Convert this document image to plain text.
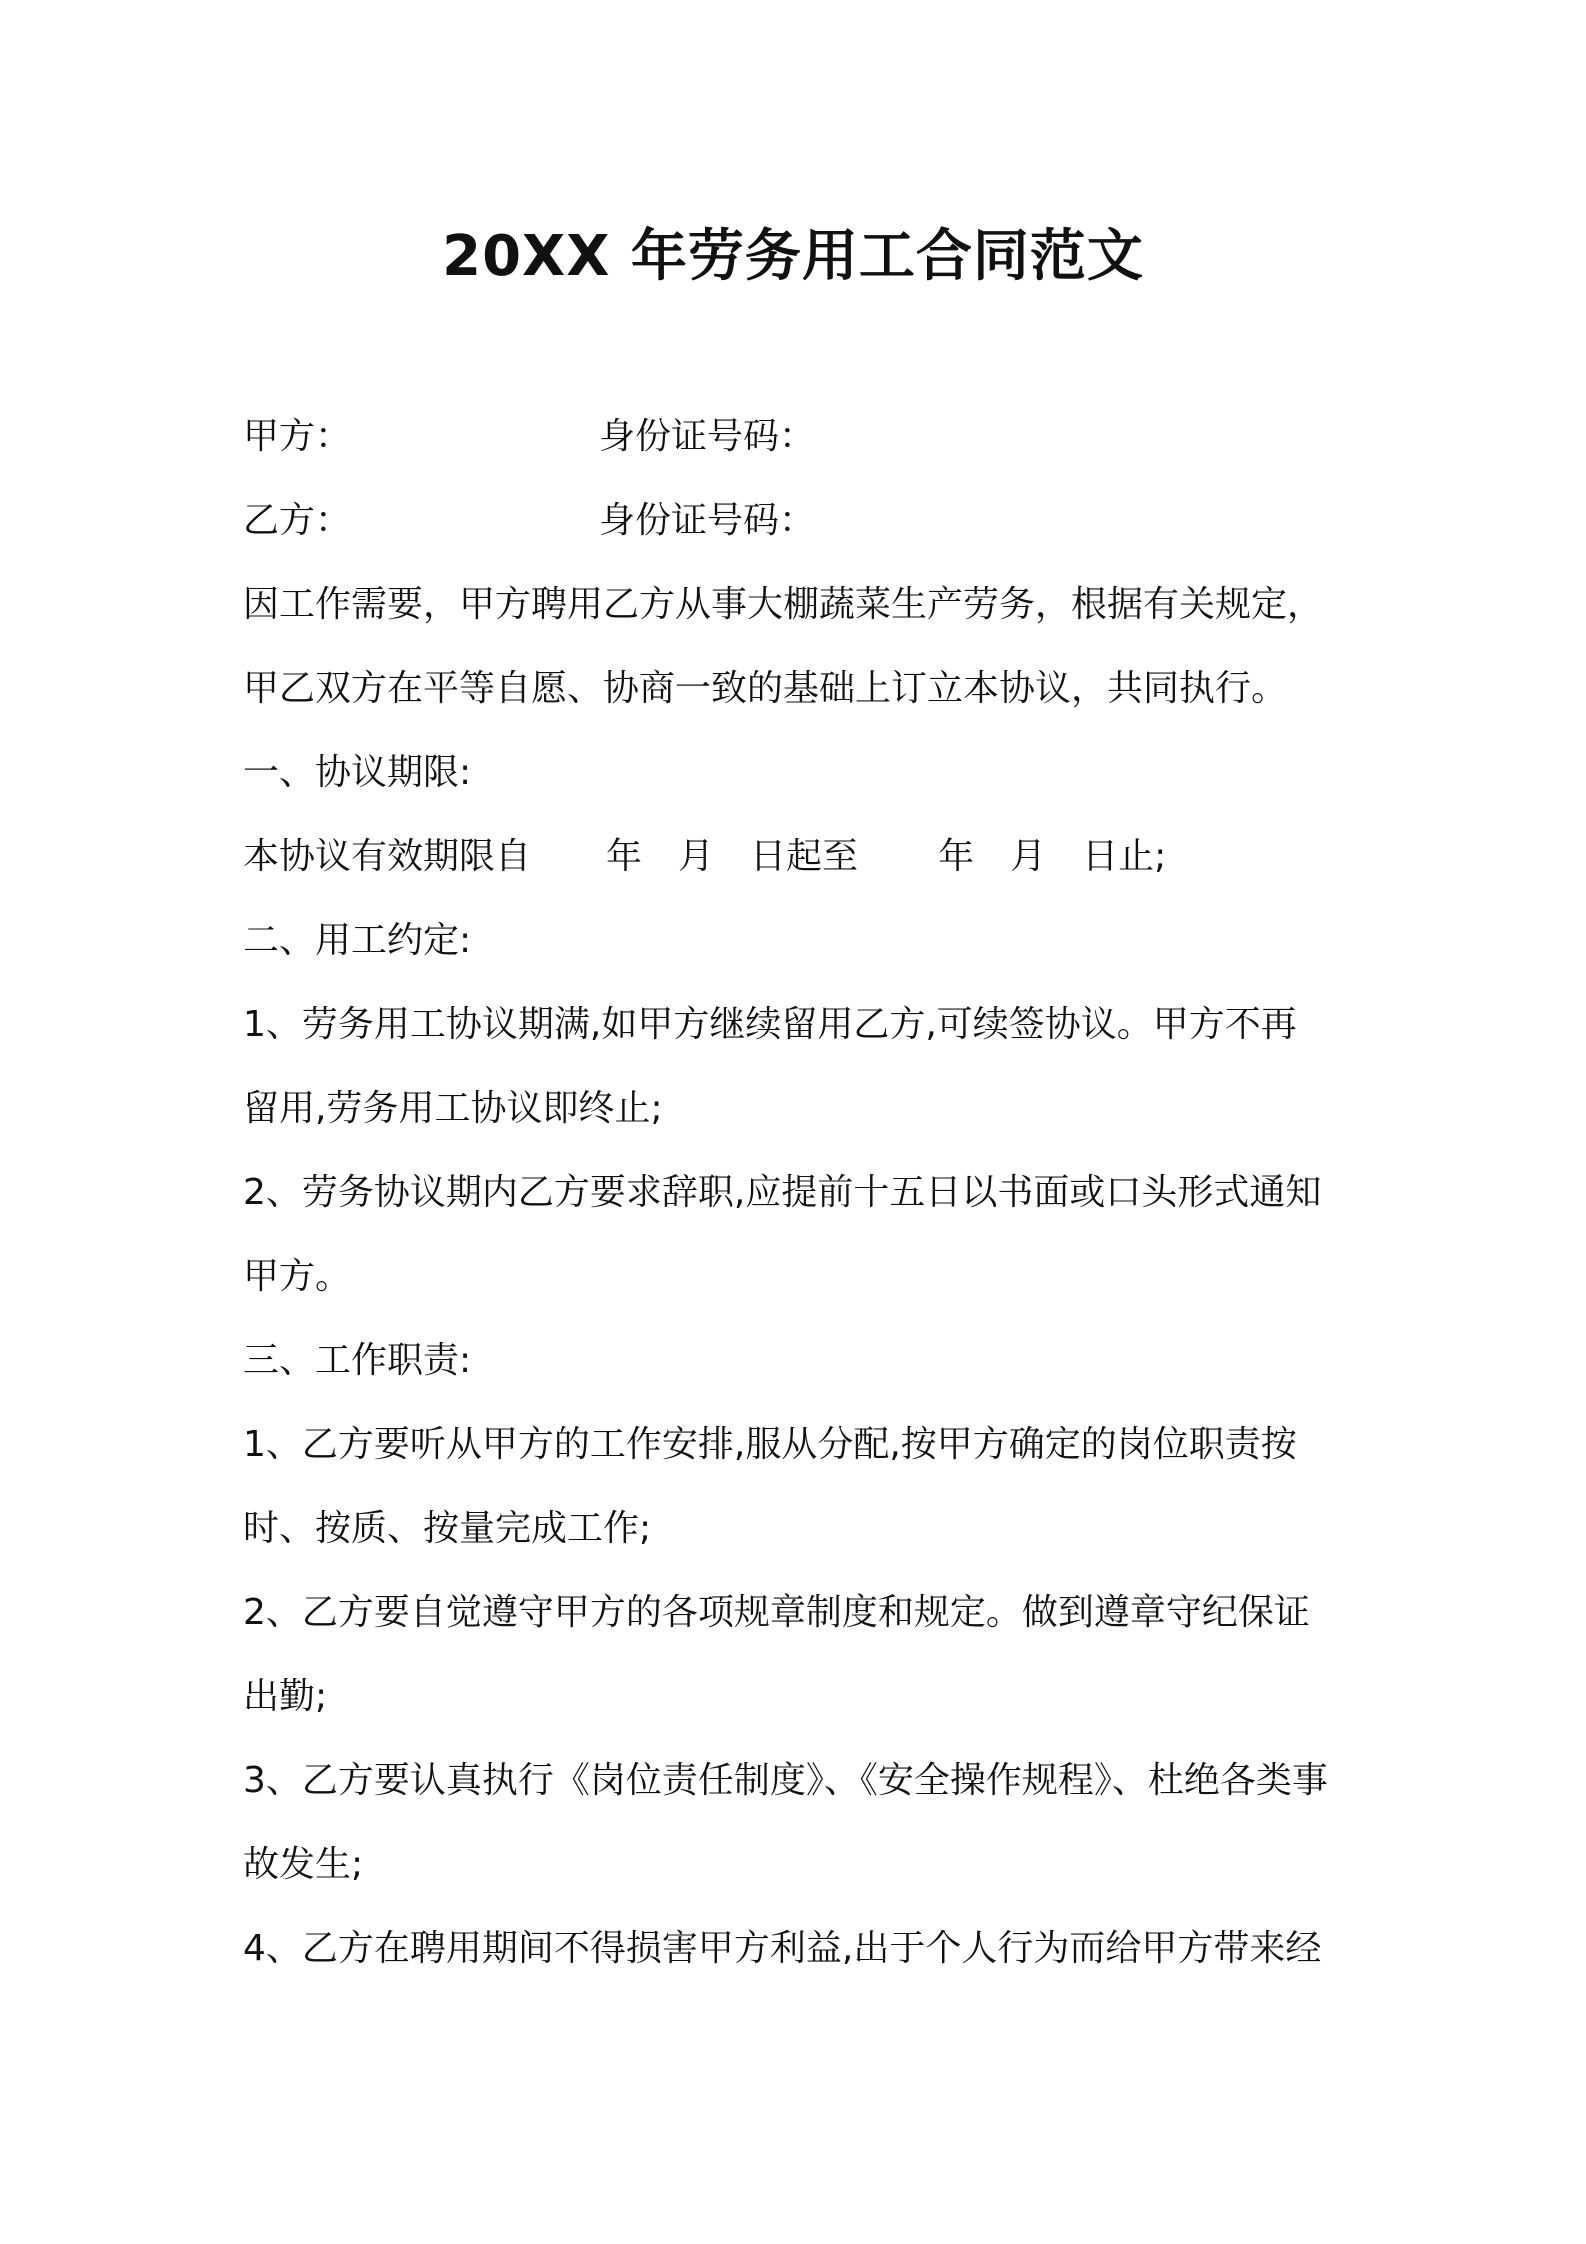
20XX 年劳务用工合同范文
甲方：	身份证号码：
乙方：	身份证号码：
因工作需要，甲方聘用乙方从事大棚蔬菜生产劳务，根据有关规定，
甲乙双方在平等自愿、协商一致的基础上订立本协议，共同执行。
一、协议期限:
本协议有效期限自 年 月 日起至 年 月 日止;
二、用工约定:
1、劳务用工协议期满,如甲方继续留用乙方,可续签协议。甲方不再
留用,劳务用工协议即终止;
2、劳务协议期内乙方要求辞职,应提前十五日以书面或口头形式通知
甲方。
三、工作职责:
1、乙方要听从甲方的工作安排,服从分配,按甲方确定的岗位职责按
时、按质、按量完成工作;
2、乙方要自觉遵守甲方的各项规章制度和规定。做到遵章守纪保证
出勤;
3、乙方要认真执行《岗位责任制度》、《安全操作规程》、杜绝各类事
故发生;
4、乙方在聘用期间不得损害甲方利益,出于个人行为而给甲方带来经
